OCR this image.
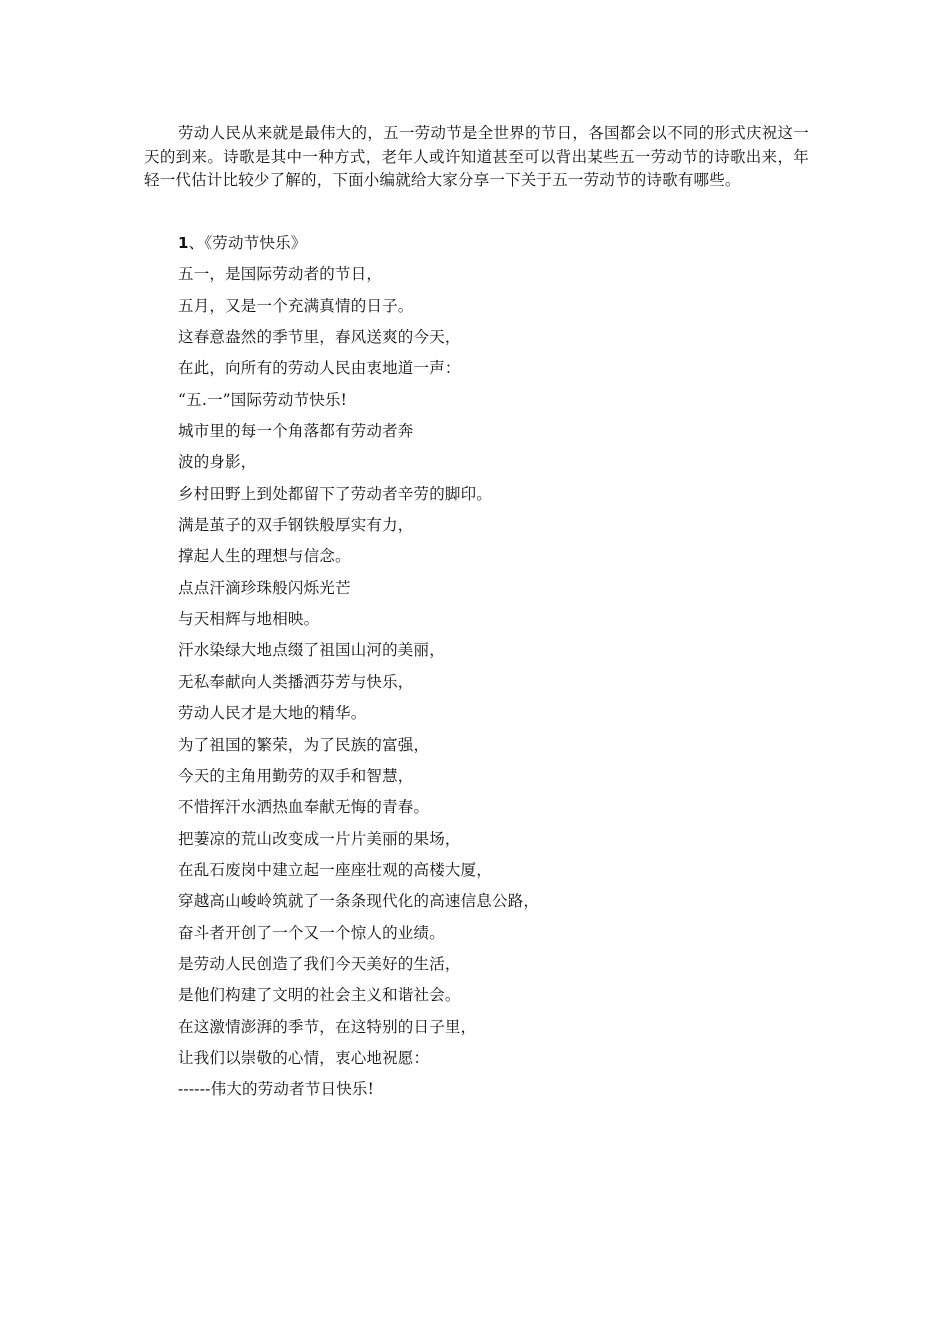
劳动人民从来就是最伟大的，五一劳动节是全世界的节日，各国都会以不同的形式庆祝这一天的到来。诗歌是其中一种方式，老年人或许知道甚至可以背出某些五一劳动节的诗歌出来，年轻一代估计比较少了解的，下面小编就给大家分享一下关于五一劳动节的诗歌有哪些。

1、《劳动节快乐》
五一，是国际劳动者的节日，
五月，又是一个充满真情的日子。
这春意盎然的季节里，春风送爽的今天，
在此，向所有的劳动人民由衷地道一声：
“五.一”国际劳动节快乐!
城市里的每一个角落都有劳动者奔
波的身影，
乡村田野上到处都留下了劳动者辛劳的脚印。
满是茧子的双手钢铁般厚实有力，
撑起人生的理想与信念。
点点汗滴珍珠般闪烁光芒
与天相辉与地相映。
汗水染绿大地点缀了祖国山河的美丽，
无私奉献向人类播洒芬芳与快乐，
劳动人民才是大地的精华。
为了祖国的繁荣，为了民族的富强，
今天的主角用勤劳的双手和智慧，
不惜挥汗水洒热血奉献无悔的青春。
把萋凉的荒山改变成一片片美丽的果场，
在乱石废岗中建立起一座座壮观的高楼大厦，
穿越高山峻岭筑就了一条条现代化的高速信息公路，
奋斗者开创了一个又一个惊人的业绩。
是劳动人民创造了我们今天美好的生活，
是他们构建了文明的社会主义和谐社会。
在这激情澎湃的季节，在这特别的日子里，
让我们以崇敬的心情，衷心地祝愿：
------伟大的劳动者节日快乐!
